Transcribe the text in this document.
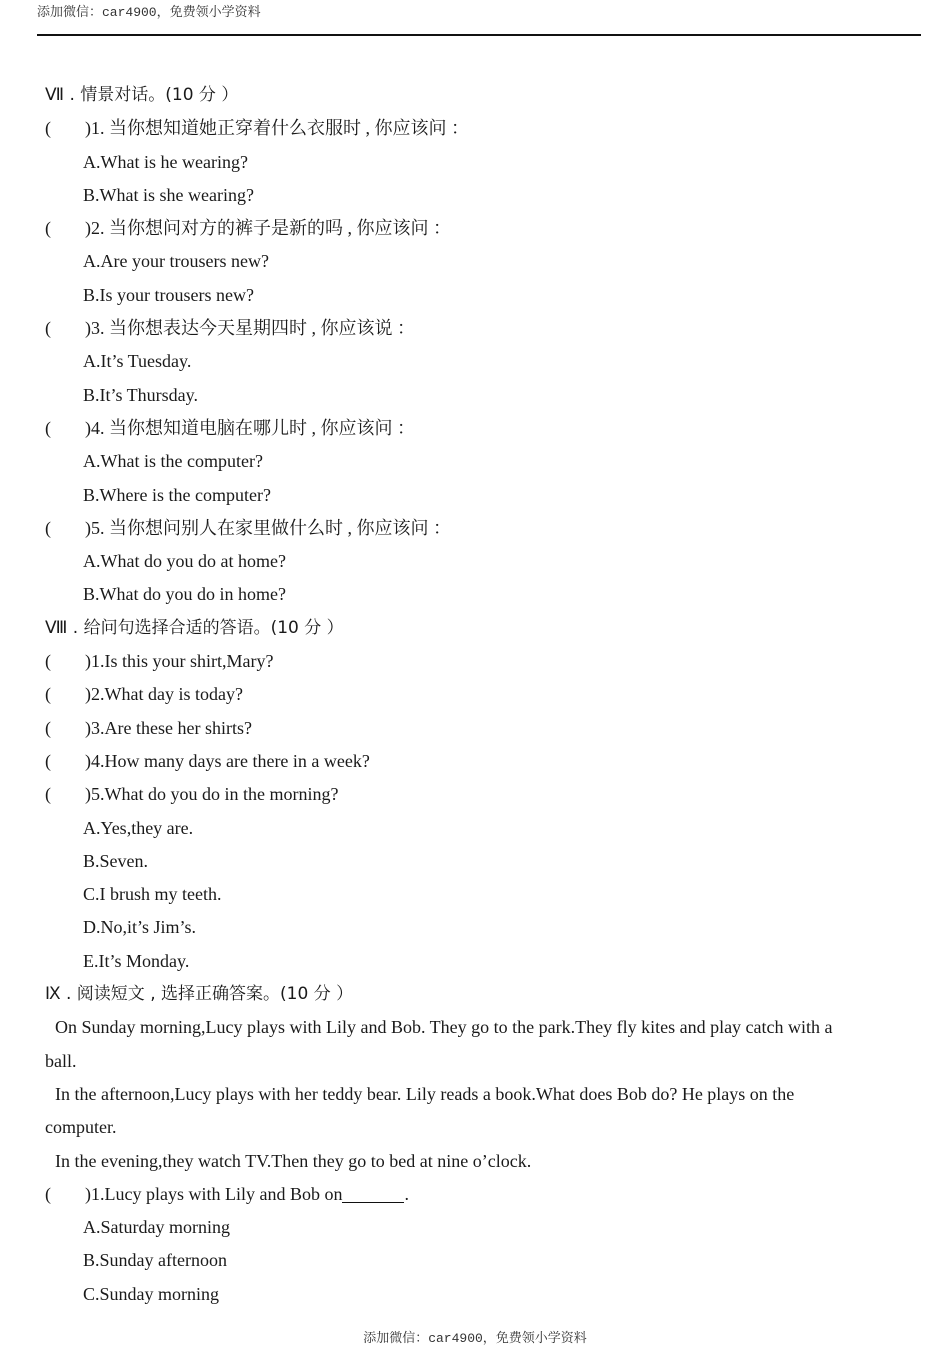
添加微信：car4900，免费领小学资料
Ⅶ . 情景对话。(10 分 ）
( )1. 当你想知道她正穿着什么衣服时 , 你应该问 ：
A.What is he wearing?
B.What is she wearing?
( )2. 当你想问对方的裤子是新的吗 , 你应该问 ：
A.Are your trousers new?
B.Is your trousers new?
( )3. 当你想表达今天星期四时 , 你应该说 ：
A.It’s Tuesday.
B.It’s Thursday.
( )4. 当你想知道电脑在哪儿时 , 你应该问 ：
A.What is the computer?
B.Where is the computer?
( )5. 当你想问别人在家里做什么时 , 你应该问 ：
A.What do you do at home?
B.What do you do in home?
Ⅷ . 给问句选择合适的答语。(10 分 ）
( )1.Is this your shirt,Mary?
( )2.What day is today?
( )3.Are these her shirts?
( )4.How many days are there in a week?
( )5.What do you do in the morning?
A.Yes,they are.
B.Seven.
C.I brush my teeth.
D.No,it’s Jim’s.
E.It’s Monday.
Ⅸ . 阅读短文 , 选择正确答案。(10 分 ）
On Sunday morning,Lucy plays with Lily and Bob. They go to the park.They fly kites and play catch with a
ball.
In the afternoon,Lucy plays with her teddy bear. Lily reads a book.What does Bob do? He plays on the
computer.
In the evening,they watch TV.Then they go to bed at nine o’clock.
( )1.Lucy plays with Lily and Bob on	.
A.Saturday morning
B.Sunday afternoon
C.Sunday morning
添加微信：car4900，免费领小学资料
